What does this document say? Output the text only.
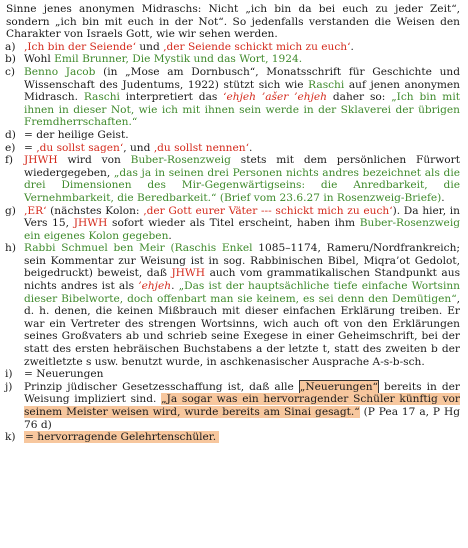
Sinne jenes anonymen Midraschs: Nicht „ich bin da bei euch zu jeder Zeit“, sondern „ich bin mit euch in der Not“. So jedenfalls verstanden die Weisen den Charakter von Israels Gott, wie wir sehen werden.

a) ‚Ich bin der Seiende‘ und ‚der Seiende schickt mich zu euch‘.
b) Wohl Emil Brunner, Die Mystik und das Wort, 1924.
c) Benno Jacob (in „Mose am Dornbusch“, Monatsschrift für Geschichte und Wissenschaft des Judentums, 1922) stützt sich wie Raschi auf jenen anonymen Midrasch. Raschi interpretiert das ‘ehjeh ’ašer ’ehjeh daher so: „Ich bin mit ihnen in dieser Not, wie ich mit ihnen sein werde in der Sklaverei der übrigen Fremdherrschaften.“
d) = der heilige Geist.
e) = ‚du sollst sagen‘, und ‚du sollst nennen‘.
f) JHWH wird von Buber-Rosenzweig stets mit dem persönlichen Fürwort wiedergegeben, „das ja in seinen drei Personen nichts andres bezeichnet als die drei Dimensionen des Mir-Gegenwärtigseins: die Anredbarkeit, die Vernehmbarkeit, die Beredbarkeit.“ (Brief vom 23.6.27 in Rosenzweig-Briefe).
g) ‚ER‘ (nächstes Kolon: ‚der Gott eurer Väter --- schickt mich zu euch‘). Da hier, in Vers 15, JHWH sofort wieder als Titel erscheint, haben ihm Buber-Rosenzweig ein eigenes Kolon gegeben.
h) Rabbi Schmuel ben Meir (Raschis Enkel 1085–1174, Rameru/Nordfrankreich; sein Kommentar zur Weisung ist in sog. Rabbinischen Bibel, Miqra’ot Gedolot, beigedruckt) beweist, daß JHWH auch vom grammatikalischen Standpunkt aus nichts andres ist als ’ehjeh. „Das ist der hauptsächliche tiefe einfache Wortsinn dieser Bibelworte, doch offenbart man sie keinem, es sei denn den Demütigen“, d. h. denen, die keinen Mißbrauch mit dieser einfachen Erklärung treiben. Er war ein Vertreter des strengen Wortsinns, wich auch oft von den Erklärungen seines Großvaters ab und schrieb seine Exegese in einer Geheimschrift, bei der statt des ersten hebräischen Buchstabens a der letzte t, statt des zweiten b der zweitletzte s usw. benutzt wurde, in aschkenasischer Ausprache A-s-b-sch.
i) = Neuerungen
j) Prinzip jüdischer Gesetzesschaffung ist, daß alle „Neuerungen“ bereits in der Weisung impliziert sind. „Ja sogar was ein hervorragender Schüler künftig vor seinem Meister weisen wird, wurde bereits am Sinai gesagt.“ (P Pea 17 a, P Hg 76 d)
k) = hervorragende Gelehrtenschüler.
